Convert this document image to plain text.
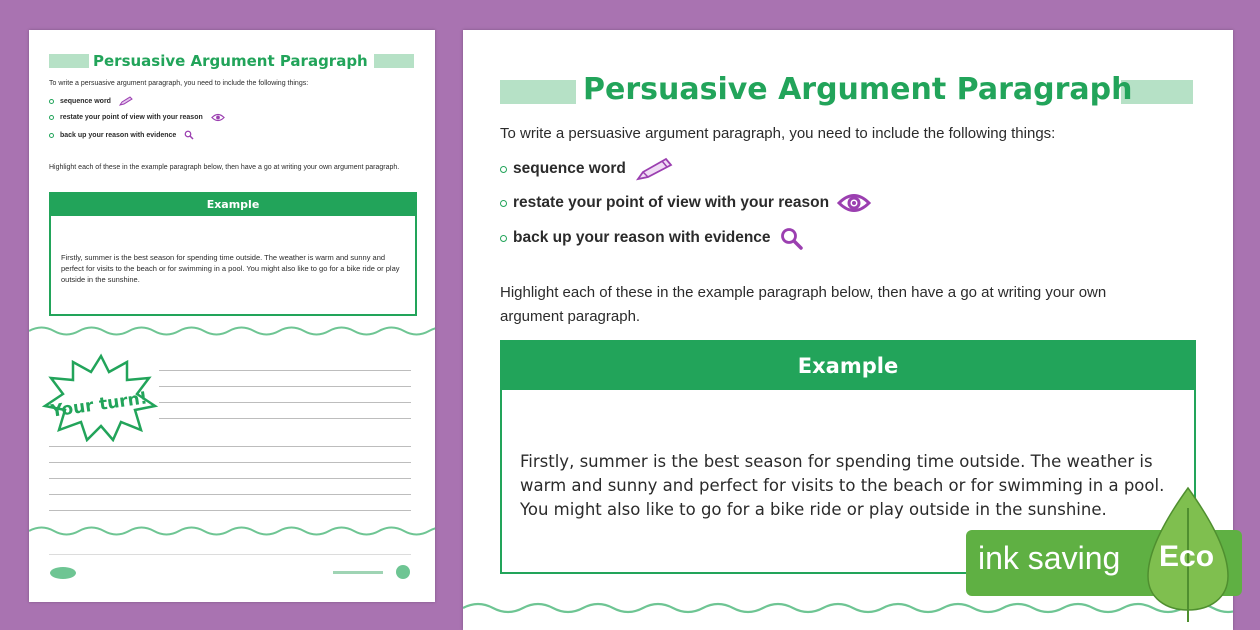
Persuasive Argument Paragraph
To write a persuasive argument paragraph, you need to include the following things:
sequence word
restate your point of view with your reason
back up your reason with evidence
Highlight each of these in the example paragraph below, then have a go at writing your own argument paragraph.
Example
Firstly, summer is the best season for spending time outside. The weather is warm and sunny and perfect for visits to the beach or for swimming in a pool. You might also like to go for a bike ride or play outside in the sunshine.
Your turn!
Persuasive Argument Paragraph
To write a persuasive argument paragraph, you need to include the following things:
sequence word
restate your point of view with your reason
back up your reason with evidence
Highlight each of these in the example paragraph below, then have a go at writing your own
argument paragraph.
Example
Firstly, summer is the best season for spending time outside. The weather is warm and sunny and perfect for visits to the beach or for swimming in a pool. You might also like to go for a bike ride or play outside in the sunshine.
ink saving Eco
